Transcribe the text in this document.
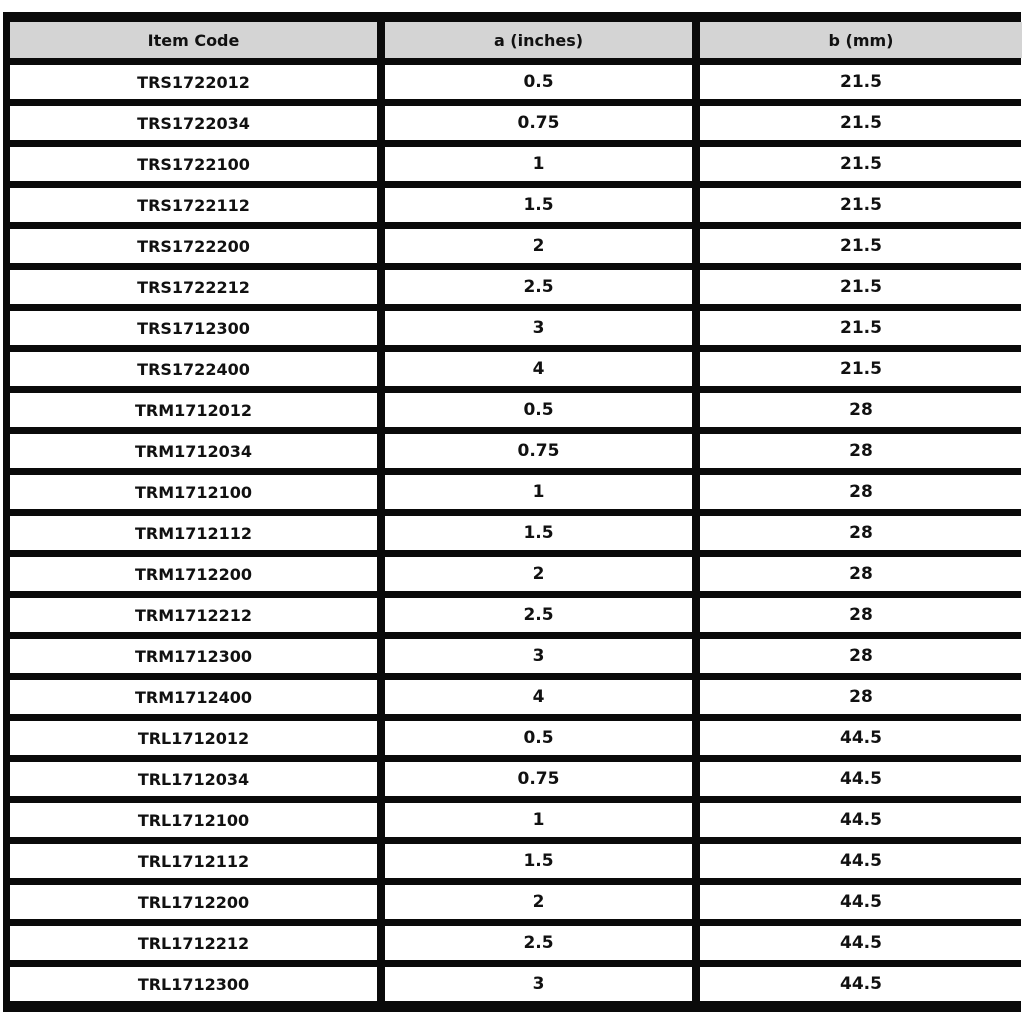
Item Code	a (inches)	b (mm)
TRS1722012	0.5	21.5
TRS1722034	0.75	21.5
TRS1722100	1	21.5
TRS1722112	1.5	21.5
TRS1722200	2	21.5
TRS1722212	2.5	21.5
TRS1712300	3	21.5
TRS1722400	4	21.5
TRM1712012	0.5	28
TRM1712034	0.75	28
TRM1712100	1	28
TRM1712112	1.5	28
TRM1712200	2	28
TRM1712212	2.5	28
TRM1712300	3	28
TRM1712400	4	28
TRL1712012	0.5	44.5
TRL1712034	0.75	44.5
TRL1712100	1	44.5
TRL1712112	1.5	44.5
TRL1712200	2	44.5
TRL1712212	2.5	44.5
TRL1712300	3	44.5
